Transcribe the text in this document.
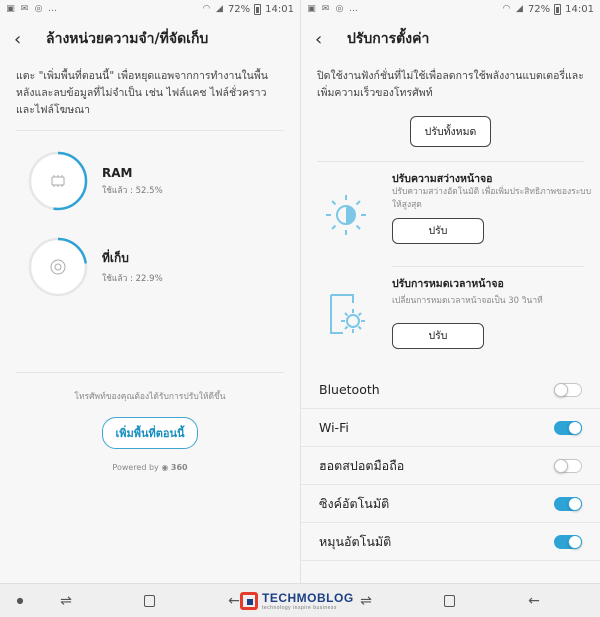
▣ ✉ ◎ …	◠ ◢ 72% 14:01
‹	ล้างหน่วยความจำ/ที่จัดเก็บ
แตะ "เพิ่มพื้นที่ตอนนี้" เพื่อหยุดแอพจากการทำงานในพื้นหลังและลบข้อมูลที่ไม่จำเป็น เช่น ไฟล์แคช ไฟล์ชั่วคราว และไฟล์โฆษณา
RAM
ใช้แล้ว : 52.5%
ที่เก็บ
ใช้แล้ว : 22.9%
โทรศัพท์ของคุณต้องได้รับการปรับให้ดีขึ้น
เพิ่มพื้นที่ตอนนี้
Powered by ◉ 360
▣ ✉ ◎ …	◠ ◢ 72% 14:01
‹	ปรับการตั้งค่า
ปิดใช้งานฟังก์ชั่นที่ไม่ใช้เพื่อลดการใช้พลังงานแบตเตอรี่และเพิ่มความเร็วของโทรศัพท์
ปรับทั้งหมด
ปรับความสว่างหน้าจอ
ปรับความสว่างอัตโนมัติ เพื่อเพิ่มประสิทธิภาพของระบบให้สูงสุด
ปรับ
ปรับการหมดเวลาหน้าจอ
เปลี่ยนการหมดเวลาหน้าจอเป็น 30 วินาที
ปรับ
Bluetooth
Wi-Fi
ฮอตสปอตมือถือ
ซิงค์อัตโนมัติ
หมุนอัตโนมัติ
●	⇌	←	⇌	←
TECHMOBLOG
technology inspire business
